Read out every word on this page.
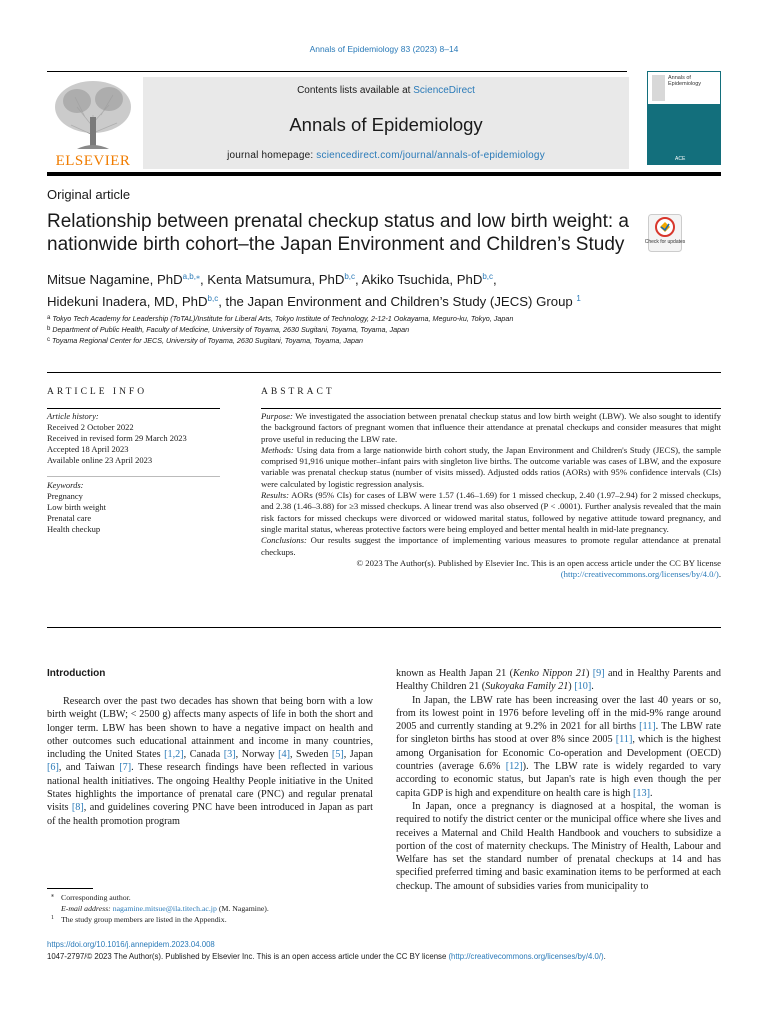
Annals of Epidemiology 83 (2023) 8–14
ELSEVIER
Contents lists available at ScienceDirect
Annals of Epidemiology
journal homepage: sciencedirect.com/journal/annals-of-epidemiology
Annals of Epidemiology
ACE
Original article
Relationship between prenatal checkup status and low birth weight: a nationwide birth cohort–the Japan Environment and Children’s Study	Check for updates
Mitsue Nagamine, PhD$^{a,b,⁎}$, Kenta Matsumura, PhD$^{b,c}$, Akiko Tsuchida, PhD$^{b,c}$,
Hidekuni Inadera, MD, PhD$^{b,c}$, the Japan Environment and Children’s Study (JECS) Group $^1$
$^a$ Tokyo Tech Academy for Leadership (ToTAL)/Institute for Liberal Arts, Tokyo Institute of Technology, 2-12-1 Ookayama, Meguro-ku, Tokyo, Japan
$^b$ Department of Public Health, Faculty of Medicine, University of Toyama, 2630 Sugitani, Toyama, Toyama, Japan
$^c$ Toyama Regional Center for JECS, University of Toyama, 2630 Sugitani, Toyama, Toyama, Japan
ARTICLE INFO	ABSTRACT
Article history:
Received 2 October 2022
Received in revised form 29 March 2023
Accepted 18 April 2023
Available online 23 April 2023
Keywords:
Pregnancy
Low birth weight
Prenatal care
Health checkup
Purpose: We investigated the association between prenatal checkup status and low birth weight (LBW). We also sought to identify the background factors of pregnant women that influence their attendance at prenatal checkups and consider measures that might prove useful in reducing the LBW rate.
Methods: Using data from a large nationwide birth cohort study, the Japan Environment and Children's Study (JECS), the sample comprised 91,916 unique mother–infant pairs with singleton live births. The outcome variable was cases of LBW, and the exposure variable was prenatal checkup status (number of visits missed). Adjusted odds ratios (AORs) with 95% confidence intervals (CIs) were calculated by logistic regression analysis.
Results: AORs (95% CIs) for cases of LBW were 1.57 (1.46–1.69) for 1 missed checkup, 2.40 (1.97–2.94) for 2 missed checkups, and 2.38 (1.46–3.88) for ≥3 missed checkups. A linear trend was also observed (P < .0001). Further analysis revealed that the main risk factors for missed checkups were divorced or widowed marital status, followed by negative attitude toward pregnancy, and single marital status, whereas protective factors were being employed and better mental health in mid-late pregnancy.
Conclusions: Our results suggest the importance of implementing various measures to promote regular attendance at prenatal checkups.
© 2023 The Author(s). Published by Elsevier Inc. This is an open access article under the CC BY license
(http://creativecommons.org/licenses/by/4.0/).
Introduction
Research over the past two decades has shown that being born with a low birth weight (LBW; < 2500 g) affects many aspects of life in both the short and longer term. LBW has been shown to have a negative impact on health and other outcomes such educational attainment and income in many countries, including the United States [1,2], Canada [3], Norway [4], Sweden [5], Japan [6], and Taiwan [7]. These research findings have been reflected in various national health initiatives. The ongoing Healthy People initiative in the United States highlights the importance of prenatal care (PNC) and regular prenatal visits [8], and guidelines covering PNC have been introduced in Japan as part of the health promotion program

known as Health Japan 21 (Kenko Nippon 21) [9] and in Healthy Parents and Healthy Children 21 (Sukoyaka Family 21) [10].

In Japan, the LBW rate has been increasing over the last 40 years or so, from its lowest point in 1976 before leveling off in the mid-9% range around 2005 and currently standing at 9.2% in 2021 for all births [11]. The LBW rate for singleton births has stood at over 8% since 2005 [11], which is the highest among Organisation for Economic Co-operation and Development (OECD) countries (average 6.6% [12]). The LBW rate is widely regarded to vary according to economic status, but Japan's rate is high even though the per capita GDP is high and expenditure on health care is high [13].

In Japan, once a pregnancy is diagnosed at a hospital, the woman is required to notify the district center or the municipal office where she lives and receives a Maternal and Child Health Handbook and vouchers to subsidize a portion of the cost of maternity checkups. The Ministry of Health, Labour and Welfare has set the standard number of prenatal checkups at 14 and has specified preferred timing and basic examination items to be performed at each checkup. The amount of subsidies varies from municipality to

⁎ Corresponding author.
E-mail address: nagamine.mitsue@ila.titech.ac.jp (M. Nagamine).
1 The study group members are listed in the Appendix.
https://doi.org/10.1016/j.annepidem.2023.04.008
1047-2797/© 2023 The Author(s). Published by Elsevier Inc. This is an open access article under the CC BY license (http://creativecommons.org/licenses/by/4.0/).
